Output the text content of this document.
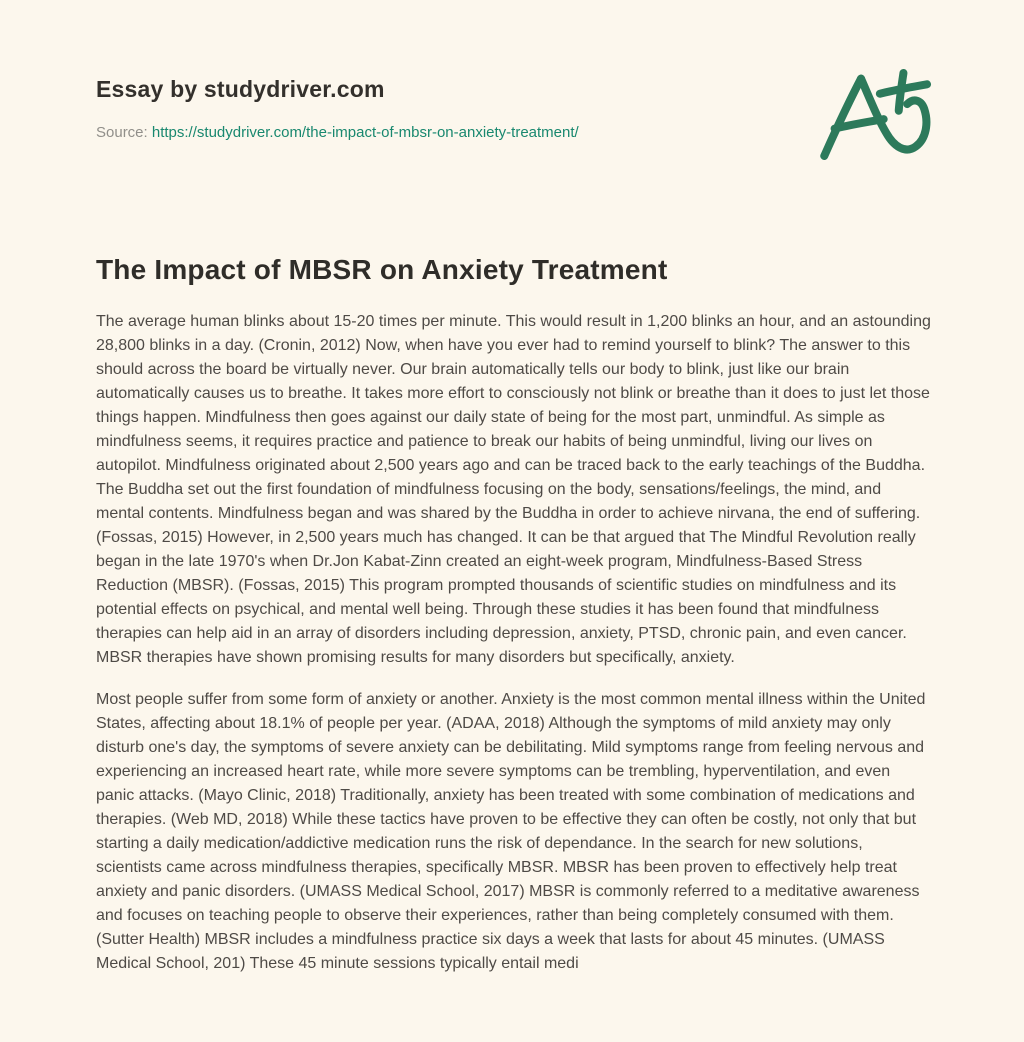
Essay by studydriver.com
Source: https://studydriver.com/the-impact-of-mbsr-on-anxiety-treatment/
The Impact of MBSR on Anxiety Treatment

The average human blinks about 15-20 times per minute. This would result in 1,200 blinks an hour, and an astounding 28,800 blinks in a day. (Cronin, 2012) Now, when have you ever had to remind yourself to blink? The answer to this should across the board be virtually never. Our brain automatically tells our body to blink, just like our brain automatically causes us to breathe. It takes more effort to consciously not blink or breathe than it does to just let those things happen. Mindfulness then goes against our daily state of being for the most part, unmindful. As simple as mindfulness seems, it requires practice and patience to break our habits of being unmindful, living our lives on autopilot. Mindfulness originated about 2,500 years ago and can be traced back to the early teachings of the Buddha. The Buddha set out the first foundation of mindfulness focusing on the body, sensations/feelings, the mind, and mental contents. Mindfulness began and was shared by the Buddha in order to achieve nirvana, the end of suffering. (Fossas, 2015) However, in 2,500 years much has changed. It can be that argued that The Mindful Revolution really began in the late 1970's when Dr.Jon Kabat-Zinn created an eight-week program, Mindfulness-Based Stress Reduction (MBSR). (Fossas, 2015) This program prompted thousands of scientific studies on mindfulness and its potential effects on psychical, and mental well being. Through these studies it has been found that mindfulness therapies can help aid in an array of disorders including depression, anxiety, PTSD, chronic pain, and even cancer. MBSR therapies have shown promising results for many disorders but specifically, anxiety.

Most people suffer from some form of anxiety or another. Anxiety is the most common mental illness within the United States, affecting about 18.1% of people per year. (ADAA, 2018) Although the symptoms of mild anxiety may only disturb one's day, the symptoms of severe anxiety can be debilitating. Mild symptoms range from feeling nervous and experiencing an increased heart rate, while more severe symptoms can be trembling, hyperventilation, and even panic attacks. (Mayo Clinic, 2018) Traditionally, anxiety has been treated with some combination of medications and therapies. (Web MD, 2018) While these tactics have proven to be effective they can often be costly, not only that but starting a daily medication/addictive medication runs the risk of dependance. In the search for new solutions, scientists came across mindfulness therapies, specifically MBSR. MBSR has been proven to effectively help treat anxiety and panic disorders. (UMASS Medical School, 2017) MBSR is commonly referred to a meditative awareness and focuses on teaching people to observe their experiences, rather than being completely consumed with them. (Sutter Health) MBSR includes a mindfulness practice six days a week that lasts for about 45 minutes. (UMASS Medical School, 201) These 45 minute sessions typically entail medi
